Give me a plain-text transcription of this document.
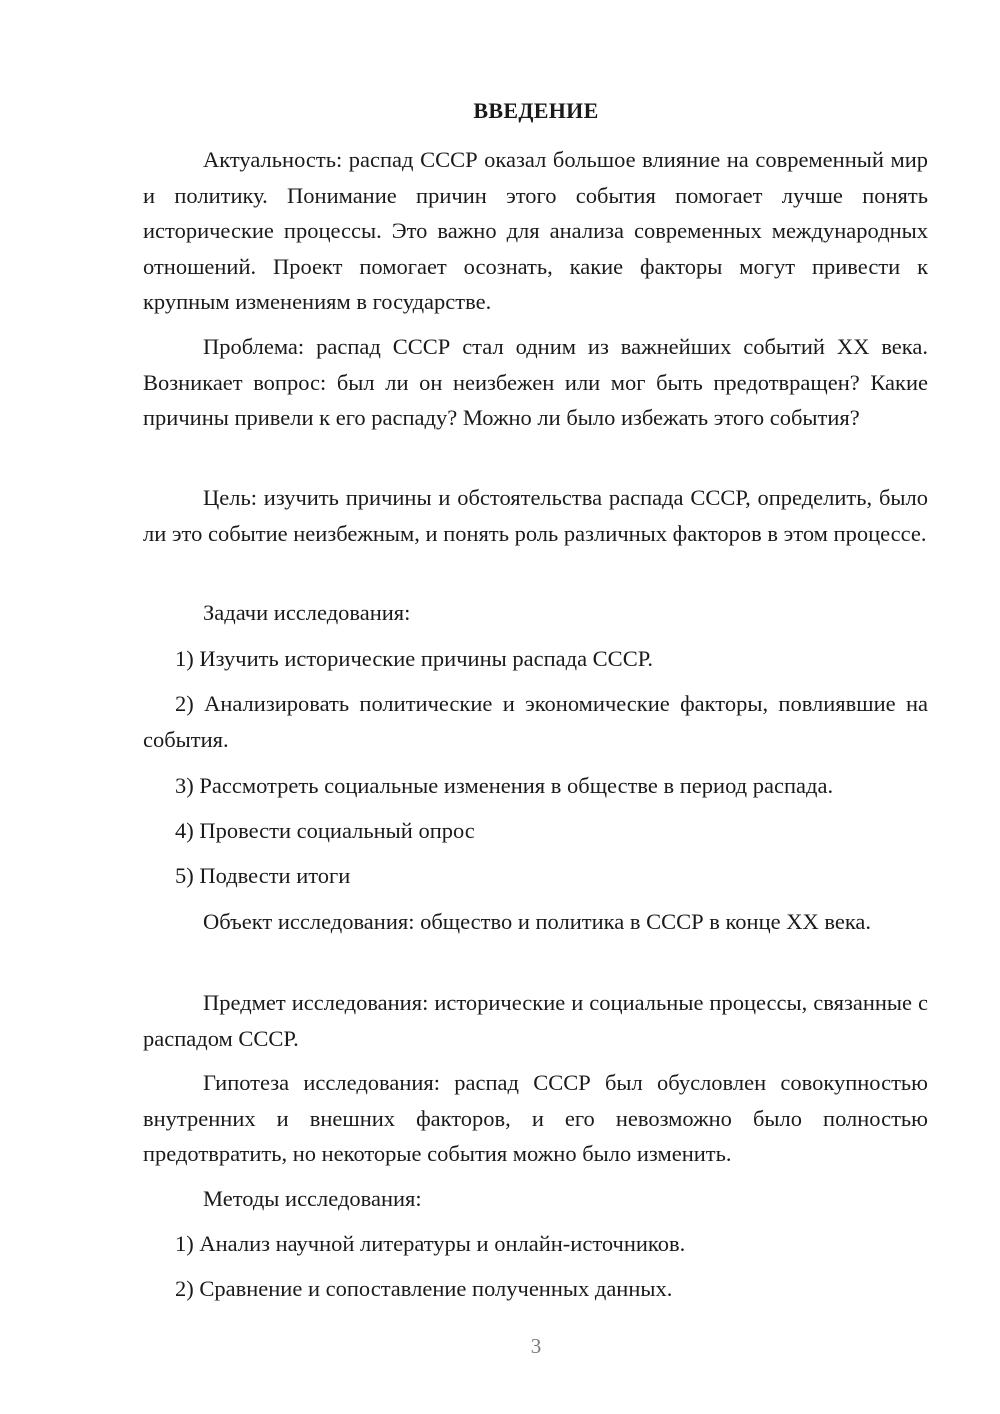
ВВЕДЕНИЕ
Актуальность: распад СССР оказал большое влияние на современный мир и политику. Понимание причин этого события помогает лучше понять исторические процессы. Это важно для анализа современных международных отношений. Проект помогает осознать, какие факторы могут привести к крупным изменениям в государстве.
Проблема: распад СССР стал одним из важнейших событий XX века. Возникает вопрос: был ли он неизбежен или мог быть предотвращен? Какие причины привели к его распаду? Можно ли было избежать этого события?
Цель: изучить причины и обстоятельства распада СССР, определить, было ли это событие неизбежным, и понять роль различных факторов в этом процессе.
Задачи исследования:
1) Изучить исторические причины распада СССР.
2) Анализировать политические и экономические факторы, повлиявшие на события.
3) Рассмотреть социальные изменения в обществе в период распада.
4) Провести социальный опрос
5) Подвести итоги
Объект исследования: общество и политика в СССР в конце XX века.
Предмет исследования: исторические и социальные процессы, связанные с распадом СССР.
Гипотеза исследования: распад СССР был обусловлен совокупностью внутренних и внешних факторов, и его невозможно было полностью предотвратить, но некоторые события можно было изменить.
Методы исследования:
1) Анализ научной литературы и онлайн-источников.
2) Сравнение и сопоставление полученных данных.
3
